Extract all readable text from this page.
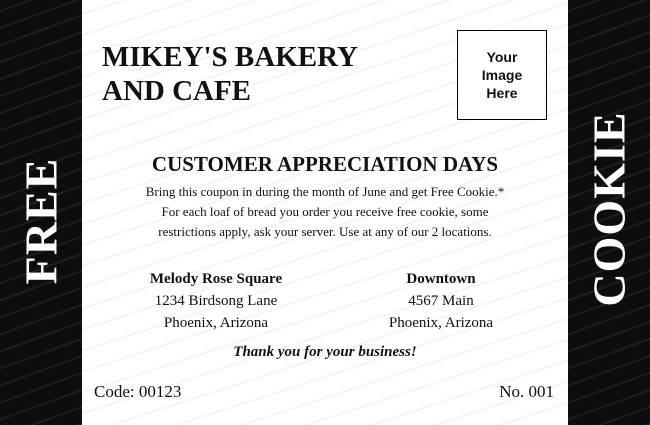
FREE
MIKEY'S BAKERY
AND CAFE
Your
Image
Here
CUSTOMER APPRECIATION DAYS
Bring this coupon in during the month of June and get Free Cookie.*
For each loaf of bread you order you receive free cookie, some
restrictions apply, ask your server. Use at any of our 2 locations.
Melody Rose Square
1234 Birdsong Lane
Phoenix, Arizona
Downtown
4567 Main
Phoenix, Arizona
Thank you for your business!
Code: 00123	No. 001
COOKIE
